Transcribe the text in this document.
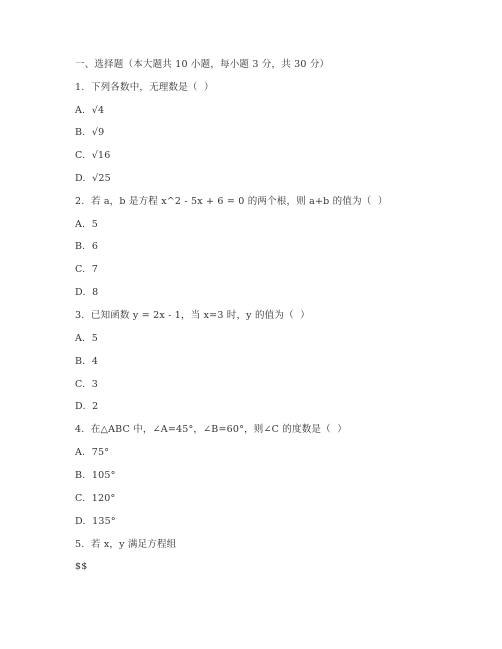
一、选择题（本大题共 10 小题，每小题 3 分，共 30 分）
1.  下列各数中，无理数是（  ）
A.  √4
B.  √9
C.  √16
D.  √25
2.  若 a，b 是方程 x^2 - 5x + 6 = 0 的两个根，则 a+b 的值为（  ）
A.  5
B.  6
C.  7
D.  8
3.  已知函数 y = 2x - 1，当 x=3 时，y 的值为（  ）
A.  5
B.  4
C.  3
D.  2
4.  在△ABC 中，∠A=45°，∠B=60°，则∠C 的度数是（  ）
A.  75°
B.  105°
C.  120°
D.  135°
5.  若 x，y 满足方程组
$$
